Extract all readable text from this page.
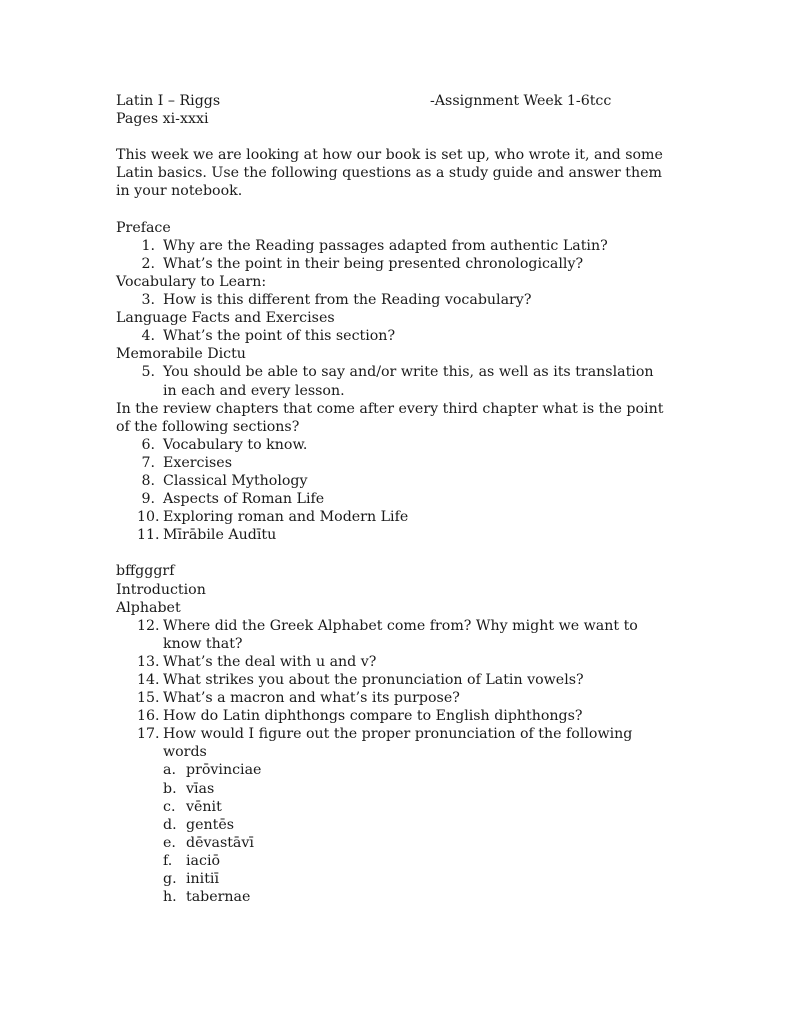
Latin I – Riggs	-Assignment Week 1-6tcc

Pages xi-xxxi

This week we are looking at how our book is set up, who wrote it, and some Latin basics. Use the following questions as a study guide and answer them in your notebook.

Preface

1. Why are the Reading passages adapted from authentic Latin?
2. What’s the point in their being presented chronologically?

Vocabulary to Learn:

3. How is this different from the Reading vocabulary?

Language Facts and Exercises

4. What’s the point of this section?

Memorabile Dictu

5. You should be able to say and/or write this, as well as its translation in each and every lesson.

In the review chapters that come after every third chapter what is the point of the following sections?

6. Vocabulary to know.
7. Exercises
8. Classical Mythology
9. Aspects of Roman Life
10. Exploring roman and Modern Life
11. Mīrābile Audītu

bffgggrf

Introduction

Alphabet

12. Where did the Greek Alphabet come from? Why might we want to know that?
13. What’s the deal with u and v?
14. What strikes you about the pronunciation of Latin vowels?
15. What’s a macron and what’s its purpose?
16. How do Latin diphthongs compare to English diphthongs?
17. How would I figure out the proper pronunciation of the following words
a. prōvinciae
b. vīas
c. vēnit
d. gentēs
e. dēvastāvī
f. iaciō
g. initiī
h. tabernae
